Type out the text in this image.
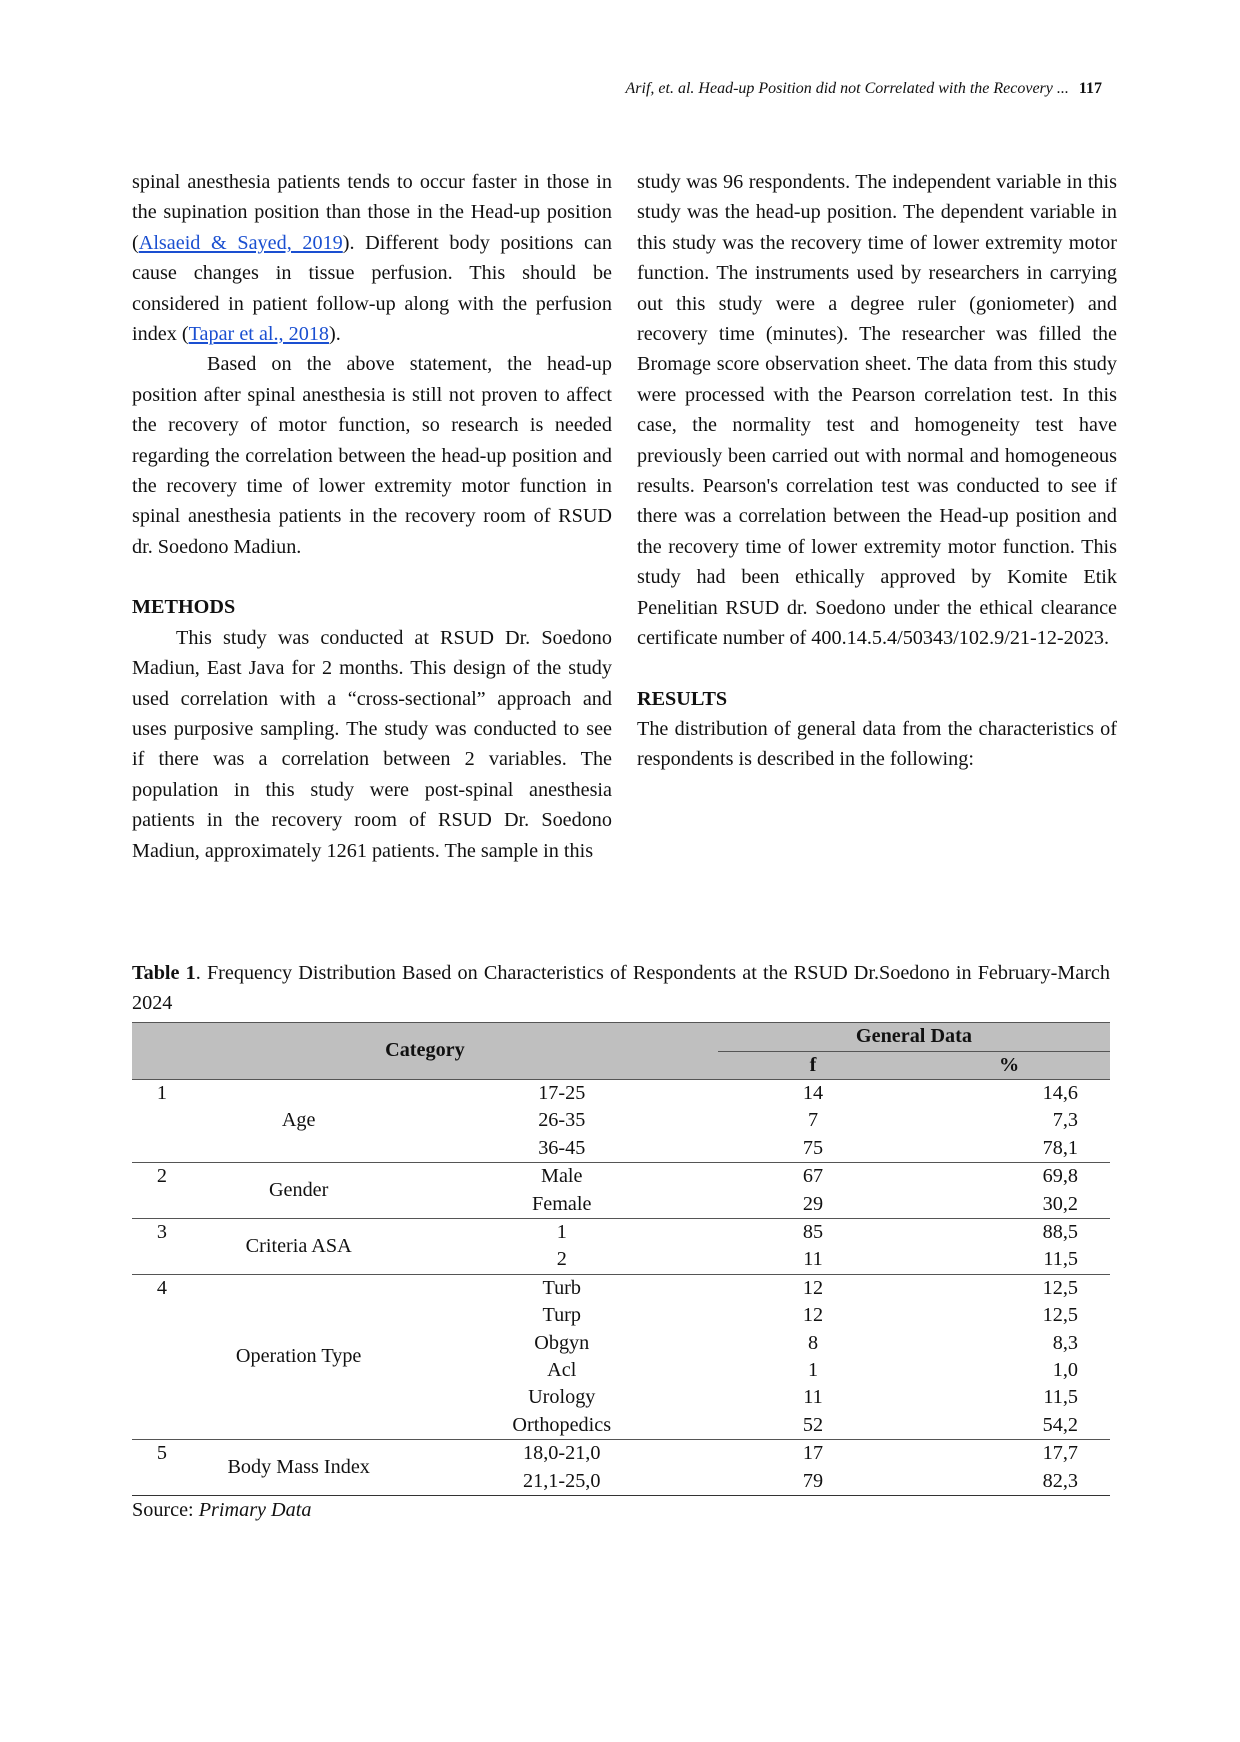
Arif, et. al. Head-up Position did not Correlated with the Recovery ... 117

spinal anesthesia patients tends to occur faster in those in the supination position than those in the Head-up position (Alsaeid & Sayed, 2019). Different body positions can cause changes in tissue perfusion. This should be considered in patient follow-up along with the perfusion index (Tapar et al., 2018).

Based on the above statement, the head-up position after spinal anesthesia is still not proven to affect the recovery of motor function, so research is needed regarding the correlation between the head-up position and the recovery time of lower extremity motor function in spinal anesthesia patients in the recovery room of RSUD dr. Soedono Madiun.

METHODS

This study was conducted at RSUD Dr. Soedono Madiun, East Java for 2 months. This design of the study used correlation with a “cross-sectional” approach and uses purposive sampling. The study was conducted to see if there was a correlation between 2 variables. The population in this study were post-spinal anesthesia patients in the recovery room of RSUD Dr. Soedono Madiun, approximately 1261 patients. The sample in this

study was 96 respondents. The independent variable in this study was the head-up position. The dependent variable in this study was the recovery time of lower extremity motor function. The instruments used by researchers in carrying out this study were a degree ruler (goniometer) and recovery time (minutes). The researcher was filled the Bromage score observation sheet. The data from this study were processed with the Pearson correlation test. In this case, the normality test and homogeneity test have previously been carried out with normal and homogeneous results. Pearson's correlation test was conducted to see if there was a correlation between the Head-up position and the recovery time of lower extremity motor function. This study had been ethically approved by Komite Etik Penelitian RSUD dr. Soedono under the ethical clearance certificate number of 400.14.5.4/50343/102.9/21-12-2023.

RESULTS

The distribution of general data from the characteristics of respondents is described in the following:

Table 1. Frequency Distribution Based on Characteristics of Respondents at the RSUD Dr.Soedono in February-March 2024
Category			General Data	
			f	%
1	Age	17-25	14	14,6
		26-35	7	7,3
		36-45	75	78,1
2	Gender	Male	67	69,8
		Female	29	30,2
3	Criteria ASA	1	85	88,5
		2	11	11,5
4	Operation Type	Turb	12	12,5
		Turp	12	12,5
		Obgyn	8	8,3
		Acl	1	1,0
		Urology	11	11,5
		Orthopedics	52	54,2
5	Body Mass Index	18,0-21,0	17	17,7
		21,1-25,0	79	82,3
Source: Primary Data
